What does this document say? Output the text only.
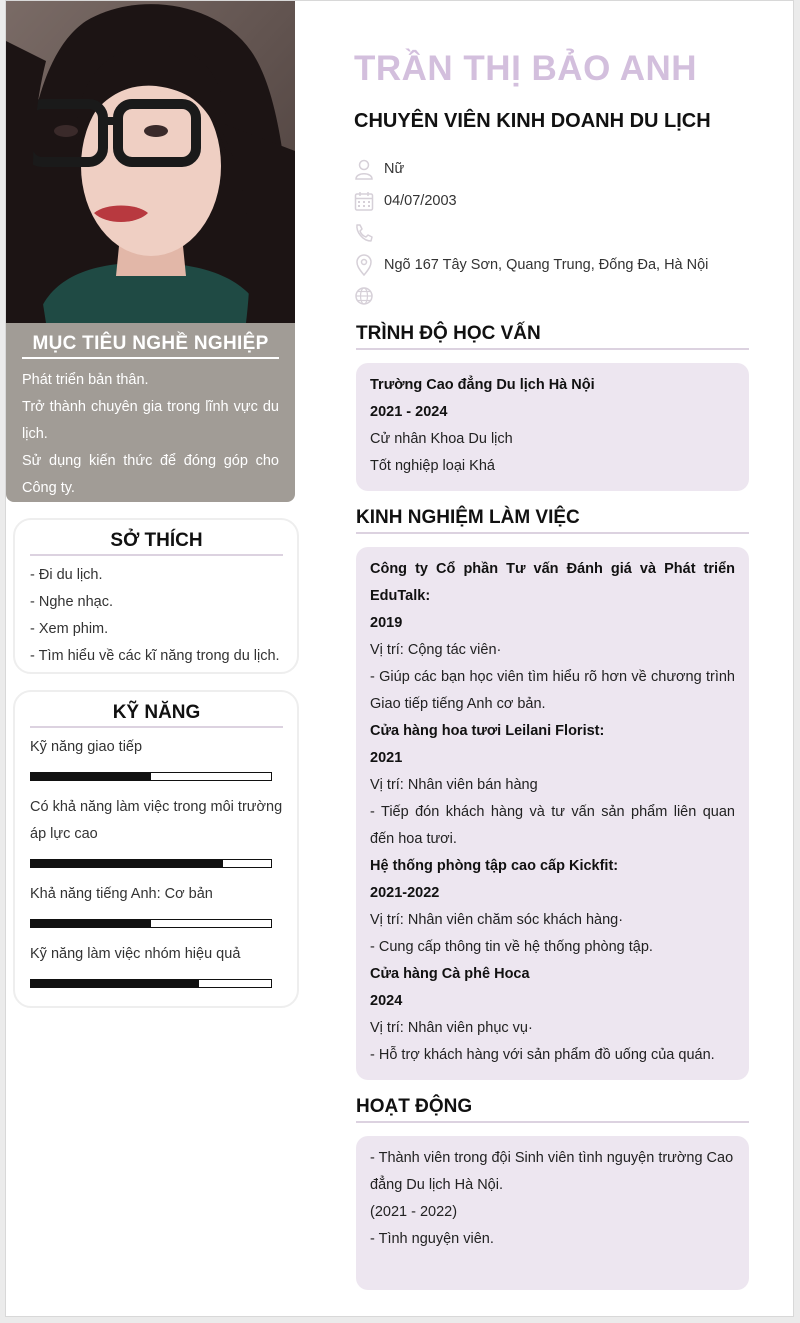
MỤC TIÊU NGHỀ NGHIỆP

Phát triển bản thân.

Trở thành chuyên gia trong lĩnh vực du lịch.

Sử dụng kiến thức để đóng góp cho Công ty.

SỞ THÍCH

- Đi du lịch.

- Nghe nhạc.

- Xem phim.

- Tìm hiểu về các kĩ năng trong du lịch.

KỸ NĂNG
Kỹ năng giao tiếp
Có khả năng làm việc trong môi trường áp lực cao
Khả năng tiếng Anh: Cơ bản
Kỹ năng làm việc nhóm hiệu quả
TRẦN THỊ BẢO ANH
CHUYÊN VIÊN KINH DOANH DU LỊCH
Nữ
04/07/2003
Ngõ 167 Tây Sơn, Quang Trung, Đống Đa, Hà Nội
TRÌNH ĐỘ HỌC VẤN

Trường Cao đẳng Du lịch Hà Nội

2021 - 2024

Cử nhân Khoa Du lịch

Tốt nghiệp loại Khá

KINH NGHIỆM LÀM VIỆC

Công ty Cổ phần Tư vấn Đánh giá và Phát triển EduTalk:

2019

Vị trí: Cộng tác viên·

- Giúp các bạn học viên tìm hiểu rõ hơn về chương trình Giao tiếp tiếng Anh cơ bản.

Cửa hàng hoa tươi Leilani Florist:

2021

Vị trí: Nhân viên bán hàng

- Tiếp đón khách hàng và tư vấn sản phẩm liên quan đến hoa tươi.

Hệ thống phòng tập cao cấp Kickfit:

2021-2022

Vị trí: Nhân viên chăm sóc khách hàng·

- Cung cấp thông tin về hệ thống phòng tập.

Cửa hàng Cà phê Hoca

2024

Vị trí: Nhân viên phục vụ·

- Hỗ trợ khách hàng với sản phẩm đồ uống của quán.

HOẠT ĐỘNG

- Thành viên trong đội Sinh viên tình nguyện trường Cao đẳng Du lịch Hà Nội.

(2021 - 2022)

- Tình nguyện viên.
